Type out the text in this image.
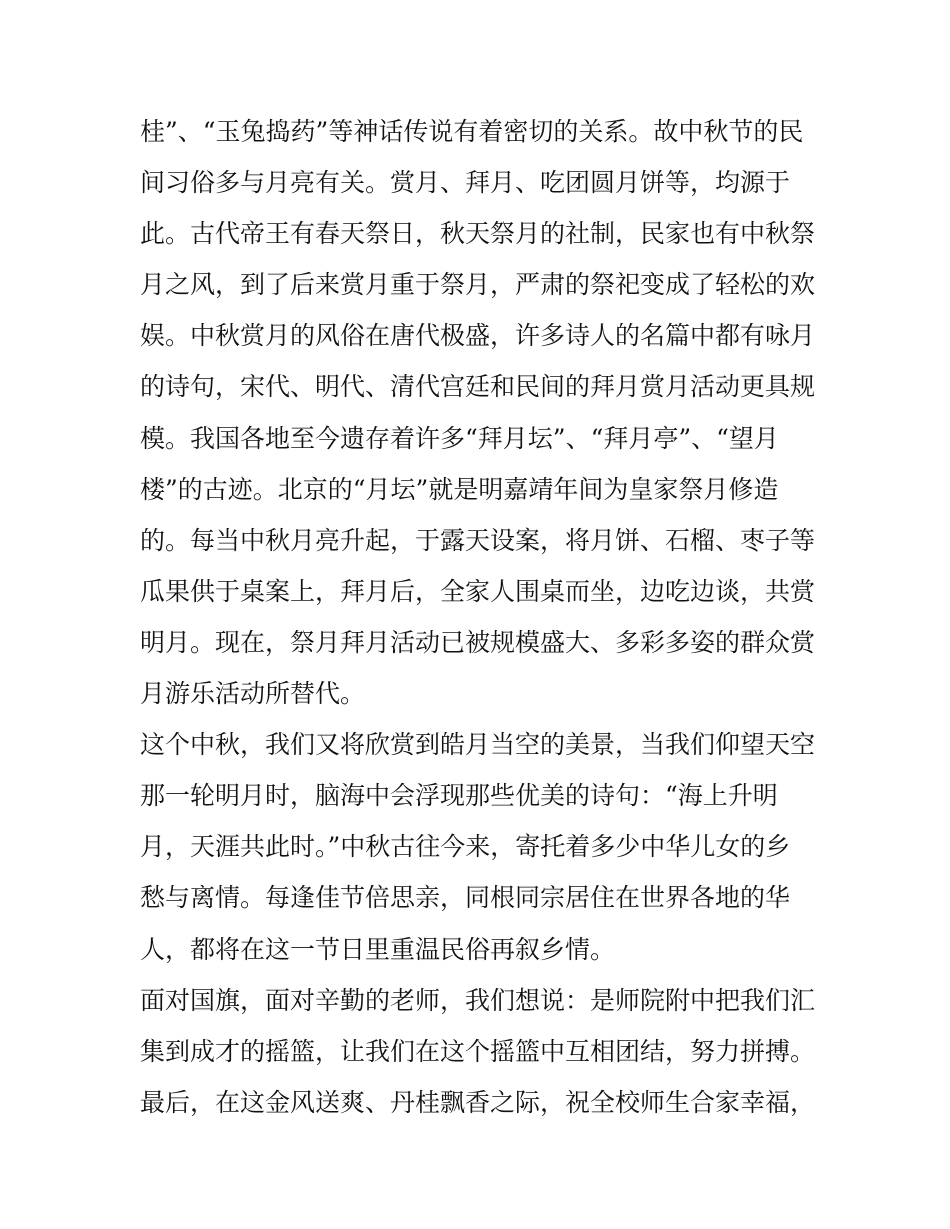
桂”、“玉兔捣药”等神话传说有着密切的关系。故中秋节的民
间习俗多与月亮有关。赏月、拜月、吃团圆月饼等，均源于
此。古代帝王有春天祭日，秋天祭月的社制，民家也有中秋祭
月之风，到了后来赏月重于祭月，严肃的祭祀变成了轻松的欢
娱。中秋赏月的风俗在唐代极盛，许多诗人的名篇中都有咏月
的诗句，宋代、明代、清代宫廷和民间的拜月赏月活动更具规
模。我国各地至今遗存着许多“拜月坛”、“拜月亭”、“望月
楼”的古迹。北京的“月坛”就是明嘉靖年间为皇家祭月修造
的。每当中秋月亮升起，于露天设案，将月饼、石榴、枣子等
瓜果供于桌案上，拜月后，全家人围桌而坐，边吃边谈，共赏
明月。现在，祭月拜月活动已被规模盛大、多彩多姿的群众赏
月游乐活动所替代。
这个中秋，我们又将欣赏到皓月当空的美景，当我们仰望天空
那一轮明月时，脑海中会浮现那些优美的诗句：“海上升明
月，天涯共此时。”中秋古往今来，寄托着多少中华儿女的乡
愁与离情。每逢佳节倍思亲，同根同宗居住在世界各地的华
人，都将在这一节日里重温民俗再叙乡情。
面对国旗，面对辛勤的老师，我们想说：是师院附中把我们汇
集到成才的摇篮，让我们在这个摇篮中互相团结，努力拼搏。
最后，在这金风送爽、丹桂飘香之际，祝全校师生合家幸福，
